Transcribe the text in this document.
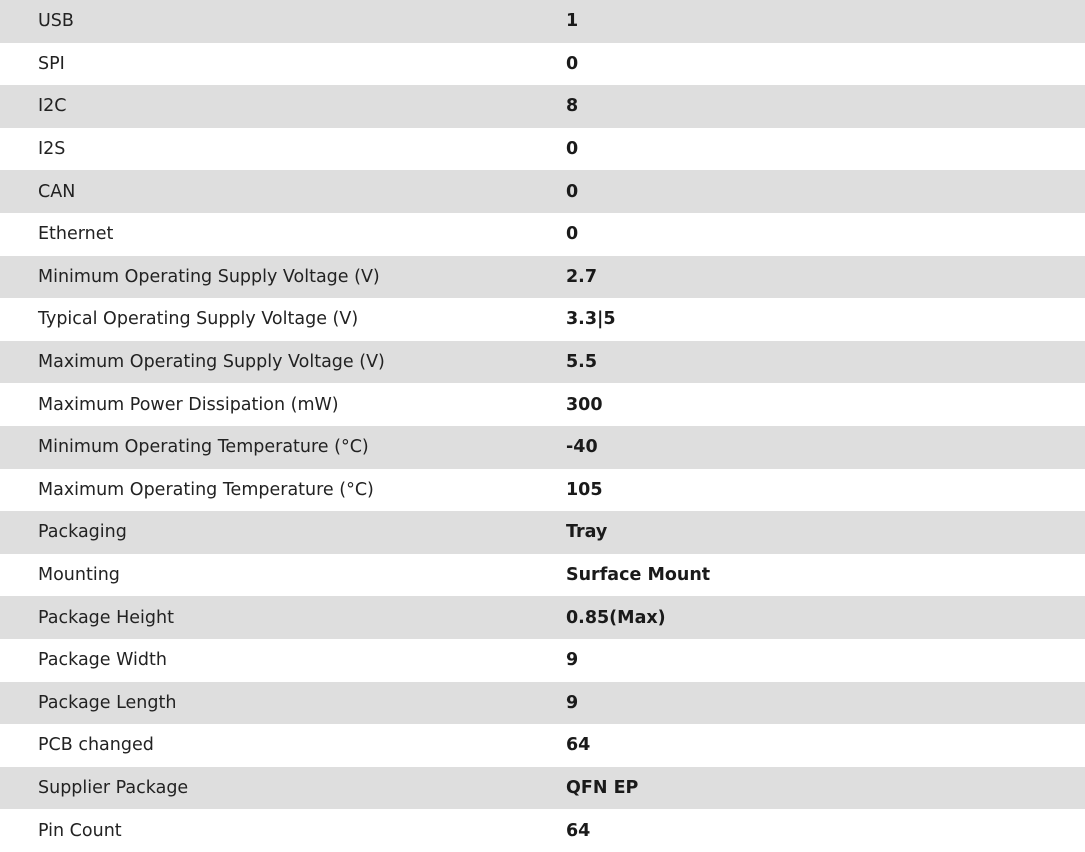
USB	1
SPI	0
I2C	8
I2S	0
CAN	0
Ethernet	0
Minimum Operating Supply Voltage (V)	2.7
Typical Operating Supply Voltage (V)	3.3|5
Maximum Operating Supply Voltage (V)	5.5
Maximum Power Dissipation (mW)	300
Minimum Operating Temperature (°C)	-40
Maximum Operating Temperature (°C)	105
Packaging	Tray
Mounting	Surface Mount
Package Height	0.85(Max)
Package Width	9
Package Length	9
PCB changed	64
Supplier Package	QFN EP
Pin Count	64
